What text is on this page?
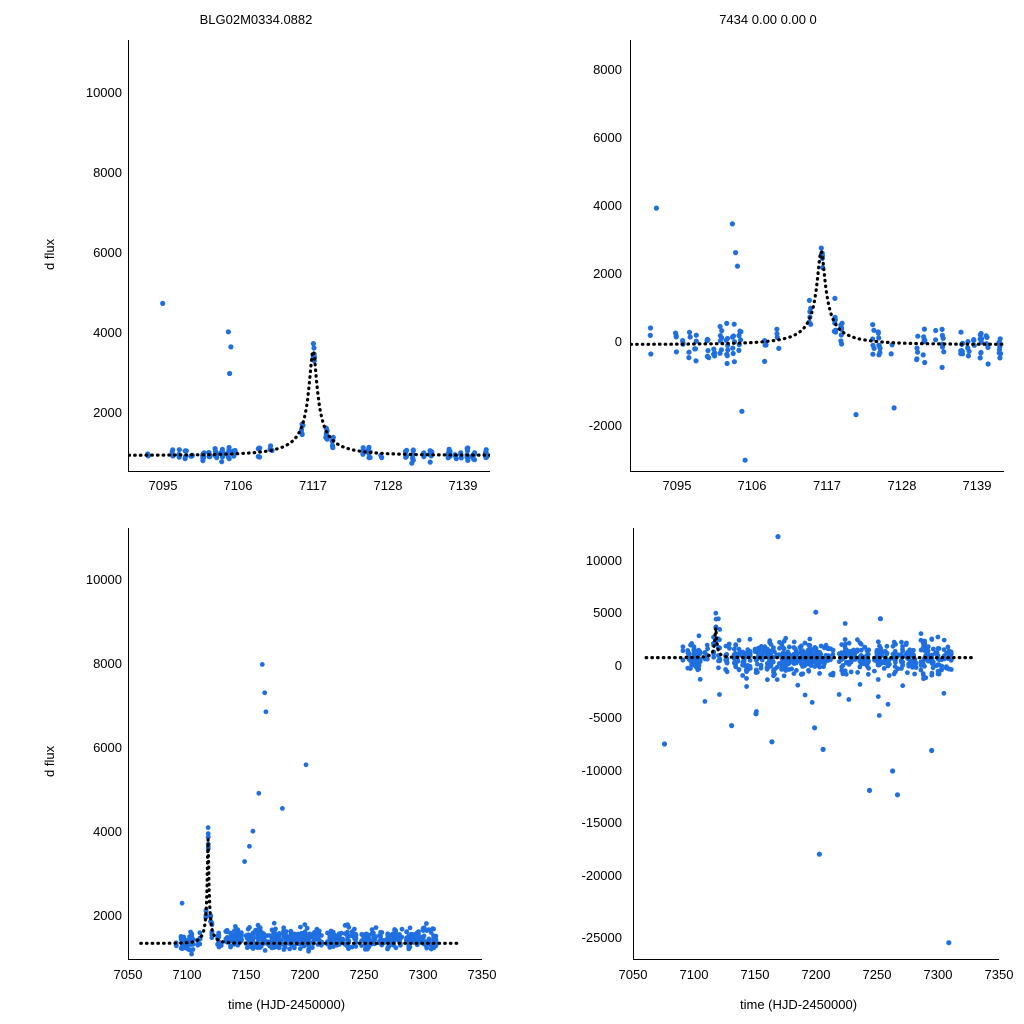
BLG02M0334.0882
d flux
10000
8000
6000
4000
2000
7095	7106	7117	7128	7139
7434 0.00 0.00 0
8000
6000
4000
2000
0
-2000
7095	7106	7117	7128	7139
d flux
10000
8000
6000
4000
2000
7050	7100	7150	7200	7250	7300	7350
time (HJD-2450000)
10000
5000
0
-5000
-10000
-15000
-20000
-25000
7050	7100	7150	7200	7250	7300	7350
time (HJD-2450000)
